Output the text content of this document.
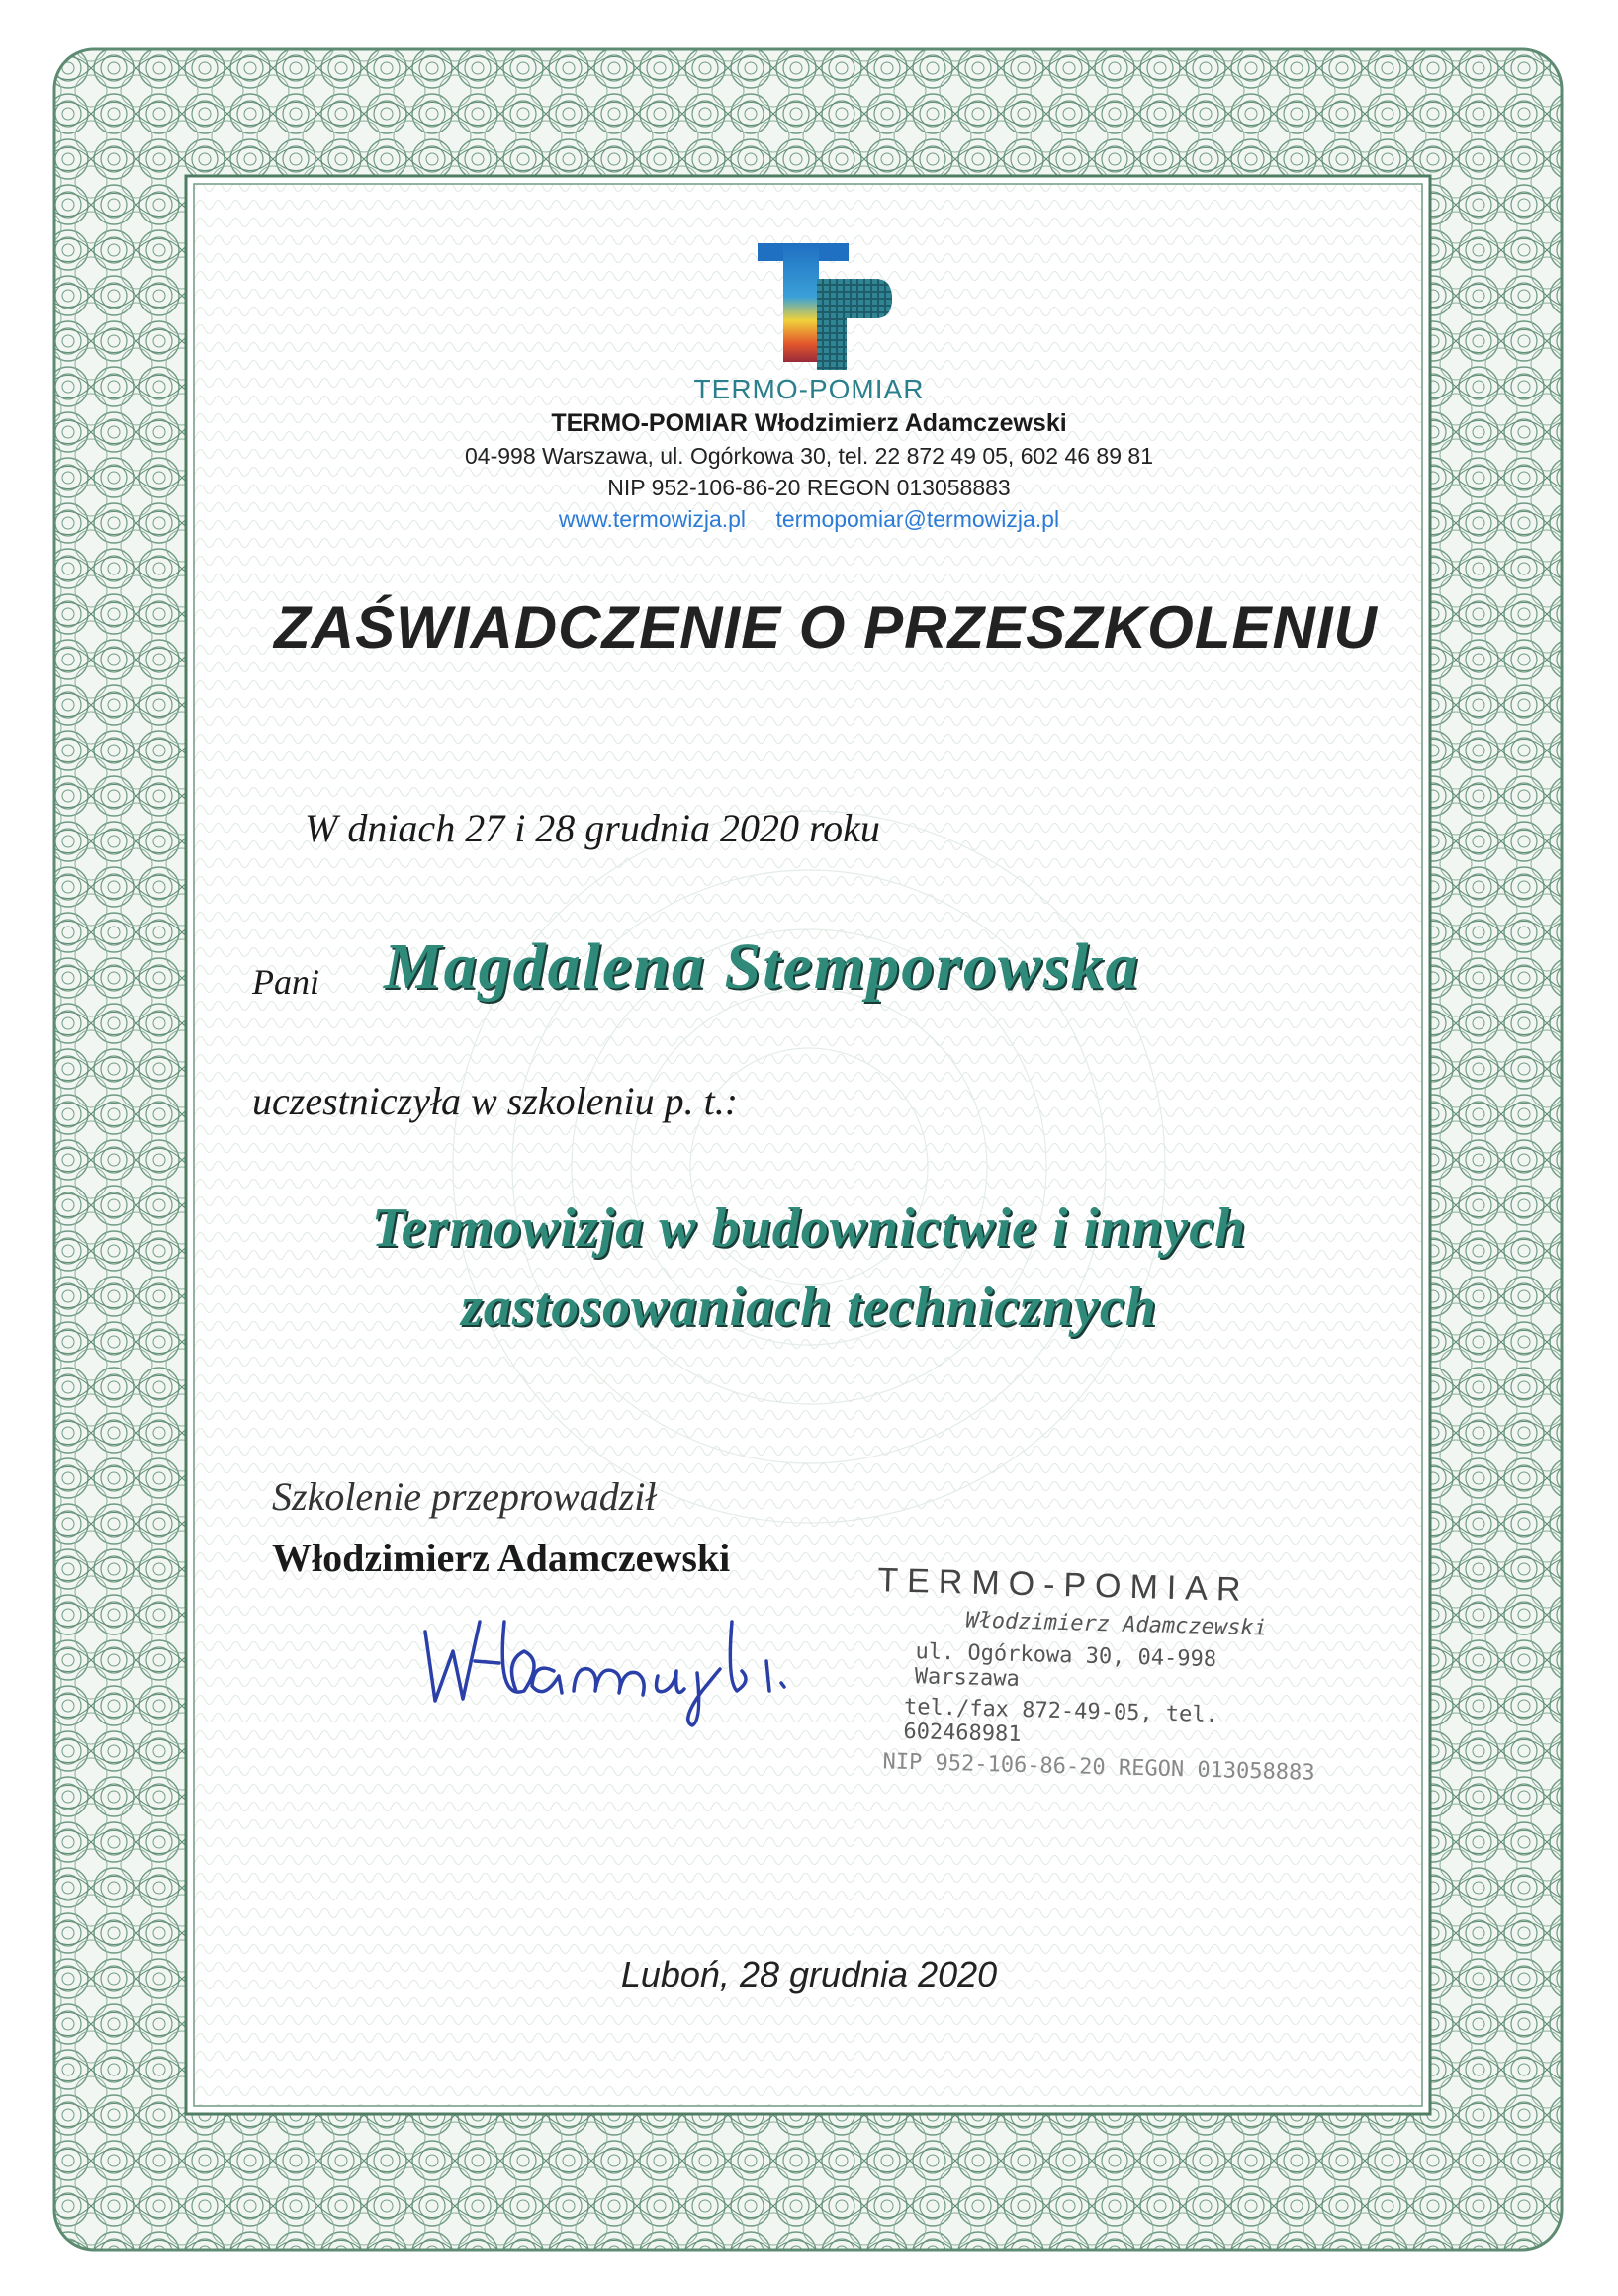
TERMO-POMIAR
TERMO-POMIAR Włodzimierz Adamczewski
04-998 Warszawa, ul. Ogórkowa 30, tel. 22 872 49 05, 602 46 89 81
NIP 952-106-86-20 REGON 013058883
www.termowizja.pl termopomiar@termowizja.pl
ZAŚWIADCZENIE O PRZESZKOLENIU
W dniach 27 i 28 grudnia 2020 roku
Pani Magdalena Stemporowska
uczestniczyła w szkoleniu p. t.:
Termowizja w budownictwie i innych
zastosowaniach technicznych
Szkolenie przeprowadził
Włodzimierz Adamczewski
TERMO-POMIAR
Włodzimierz Adamczewski
ul. Ogórkowa 30, 04-998 Warszawa
tel./fax 872-49-05, tel. 602468981
NIP 952-106-86-20 REGON 013058883
Luboń, 28 grudnia 2020
